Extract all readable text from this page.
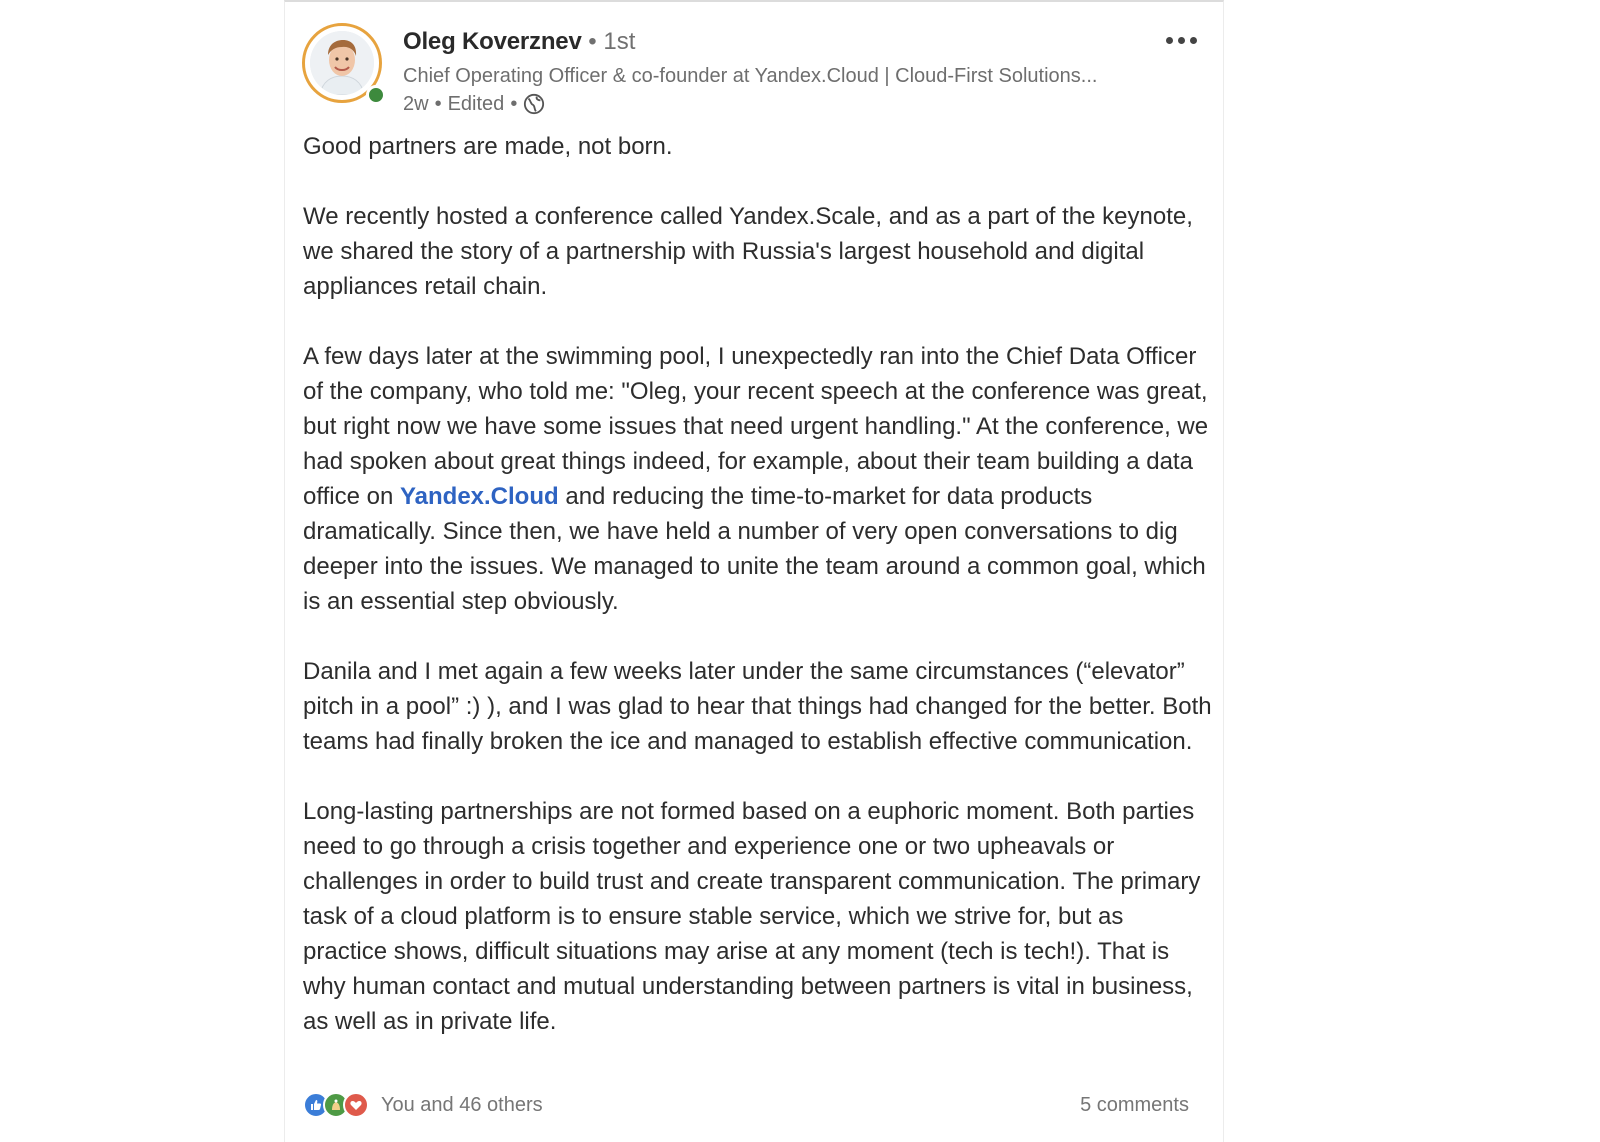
Oleg Koverznev • 1st
Chief Operating Officer & co-founder at Yandex.Cloud | Cloud-First Solutions...
2w • Edited •

Good partners are made, not born.

We recently hosted a conference called Yandex.Scale, and as a part of the keynote, we shared the story of a partnership with Russia's largest household and digital appliances retail chain.

A few days later at the swimming pool, I unexpectedly ran into the Chief Data Officer of the company, who told me: "Oleg, your recent speech at the conference was great, but right now we have some issues that need urgent handling." At the conference, we had spoken about great things indeed, for example, about their team building a data office on Yandex.Cloud and reducing the time-to-market for data products dramatically. Since then, we have held a number of very open conversations to dig deeper into the issues. We managed to unite the team around a common goal, which is an essential step obviously.

Danila and I met again a few weeks later under the same circumstances (“elevator” pitch in a pool” :) ), and I was glad to hear that things had changed for the better. Both teams had finally broken the ice and managed to establish effective communication.

Long-lasting partnerships are not formed based on a euphoric moment. Both parties need to go through a crisis together and experience one or two upheavals or challenges in order to build trust and create transparent communication. The primary task of a cloud platform is to ensure stable service, which we strive for, but as practice shows, difficult situations may arise at any moment (tech is tech!). That is why human contact and mutual understanding between partners is vital in business, as well as in private life.

You and 46 others	5 comments
